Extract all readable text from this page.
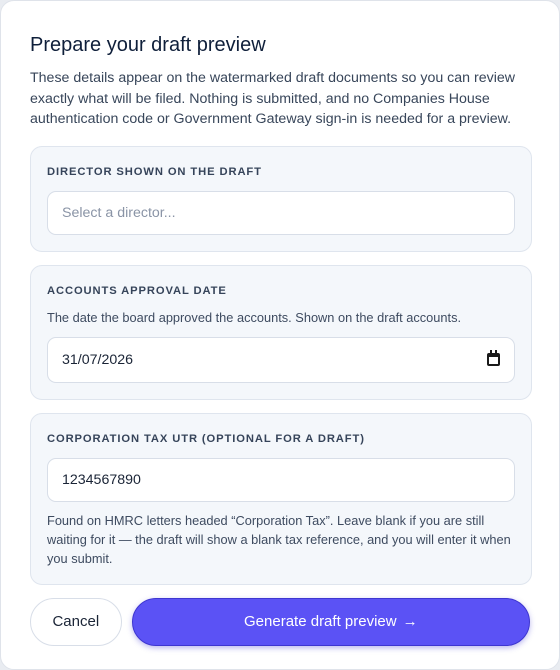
Prepare your draft preview

These details appear on the watermarked draft documents so you can review exactly what will be filed. Nothing is submitted, and no Companies House authentication code or Government Gateway sign-in is needed for a preview.

DIRECTOR SHOWN ON THE DRAFT
Select a director...
ACCOUNTS APPROVAL DATE
The date the board approved the accounts. Shown on the draft accounts.
31/07/2026
CORPORATION TAX UTR (OPTIONAL FOR A DRAFT)
1234567890

Found on HMRC letters headed “Corporation Tax”. Leave blank if you are still waiting for it — the draft will show a blank tax reference, and you will enter it when you submit.

Cancel	Generate draft preview →
